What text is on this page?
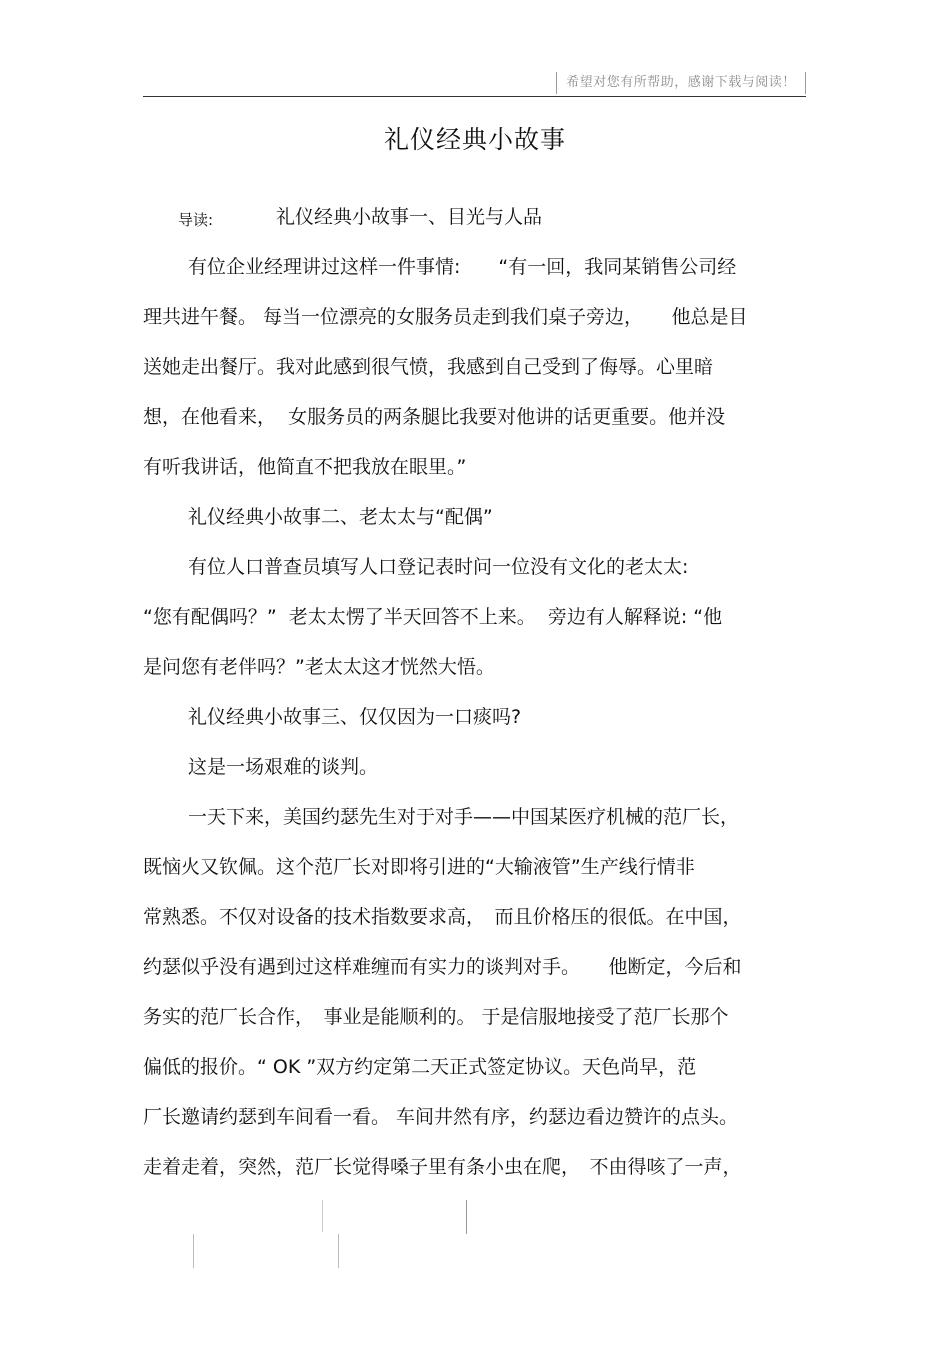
希望对您有所帮助，感谢下载与阅读！
礼仪经典小故事
导读:	礼仪经典小故事一、目光与人品
有位企业经理讲过这样一件事情:　　“有一回，我同某销售公司经
理共进午餐。 每当一位漂亮的女服务员走到我们桌子旁边，　　他总是目
送她走出餐厅。我对此感到很气愤，我感到自己受到了侮辱。心里暗
想，在他看来，  女服务员的两条腿比我要对他讲的话更重要。他并没
有听我讲话，他简直不把我放在眼里。”
礼仪经典小故事二、老太太与“配偶”
有位人口普查员填写人口登记表时问一位没有文化的老太太:
“您有配偶吗？”  老太太愣了半天回答不上来。  旁边有人解释说: “他
是问您有老伴吗？”老太太这才恍然大悟。
礼仪经典小故事三、仅仅因为一口痰吗?
这是一场艰难的谈判。
一天下来，美国约瑟先生对于对手——中国某医疗机械的范厂长，
既恼火又钦佩。这个范厂长对即将引进的“大输液管”生产线行情非
常熟悉。不仅对设备的技术指数要求高，　而且价格压的很低。在中国，
约瑟似乎没有遇到过这样难缠而有实力的谈判对手。　　他断定，今后和
务实的范厂长合作，　事业是能顺利的。 于是信服地接受了范厂长那个
偏低的报价。“ OK ”双方约定第二天正式签定协议。天色尚早，范
厂长邀请约瑟到车间看一看。 车间井然有序，约瑟边看边赞许的点头。
走着走着，突然，范厂长觉得嗓子里有条小虫在爬，　不由得咳了一声，
